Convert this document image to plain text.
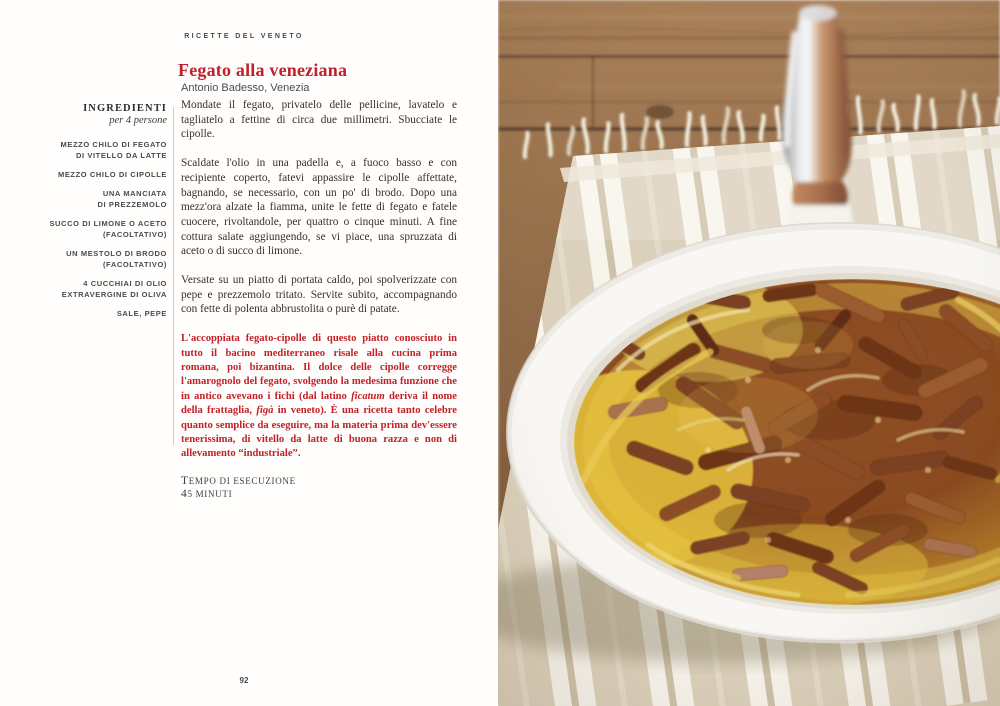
RICETTE DEL VENETO
Fegato alla veneziana
Antonio Badesso, Venezia
INGREDIENTI
per 4 persone
MEZZO CHILO DI FEGATO
DI VITELLO DA LATTE
MEZZO CHILO DI CIPOLLE
UNA MANCIATA
DI PREZZEMOLO
SUCCO DI LIMONE O ACETO
(FACOLTATIVO)
UN MESTOLO DI BRODO
(FACOLTATIVO)
4 CUCCHIAI DI OLIO
EXTRAVERGINE DI OLIVA
SALE, PEPE

Mondate il fegato, privatelo delle pellicine, lavatelo e tagliatelo a fettine di circa due millimetri. Sbucciate le cipolle.

Scaldate l'olio in una padella e, a fuoco basso e con recipiente coperto, fatevi appassire le cipolle affettate, bagnando, se necessario, con un po' di brodo. Dopo una mezz'ora alzate la fiamma, unite le fette di fegato e fatele cuocere, rivoltandole, per quattro o cinque minuti. A fine cottura salate aggiungendo, se vi piace, una spruzzata di aceto o di succo di limone.

Versate su un piatto di portata caldo, poi spolverizzate con pepe e prezzemolo tritato. Servite subito, accompagnando con fette di polenta abbrustolita o purè di patate.

L'accoppiata fegato-cipolle di questo piatto conosciuto in tutto il bacino mediterraneo risale alla cucina prima romana, poi bizantina. Il dolce delle cipolle corregge l'amarognolo del fegato, svolgendo la medesima funzione che in antico avevano i fichi (dal latino ficatum deriva il nome della frattaglia, figà in veneto). È una ricetta tanto celebre quanto semplice da eseguire, ma la materia prima dev'essere tenerissima, di vitello da latte di buona razza e non di allevamento “industriale”.

TEMPO DI ESECUZIONE
45 MINUTI
92
